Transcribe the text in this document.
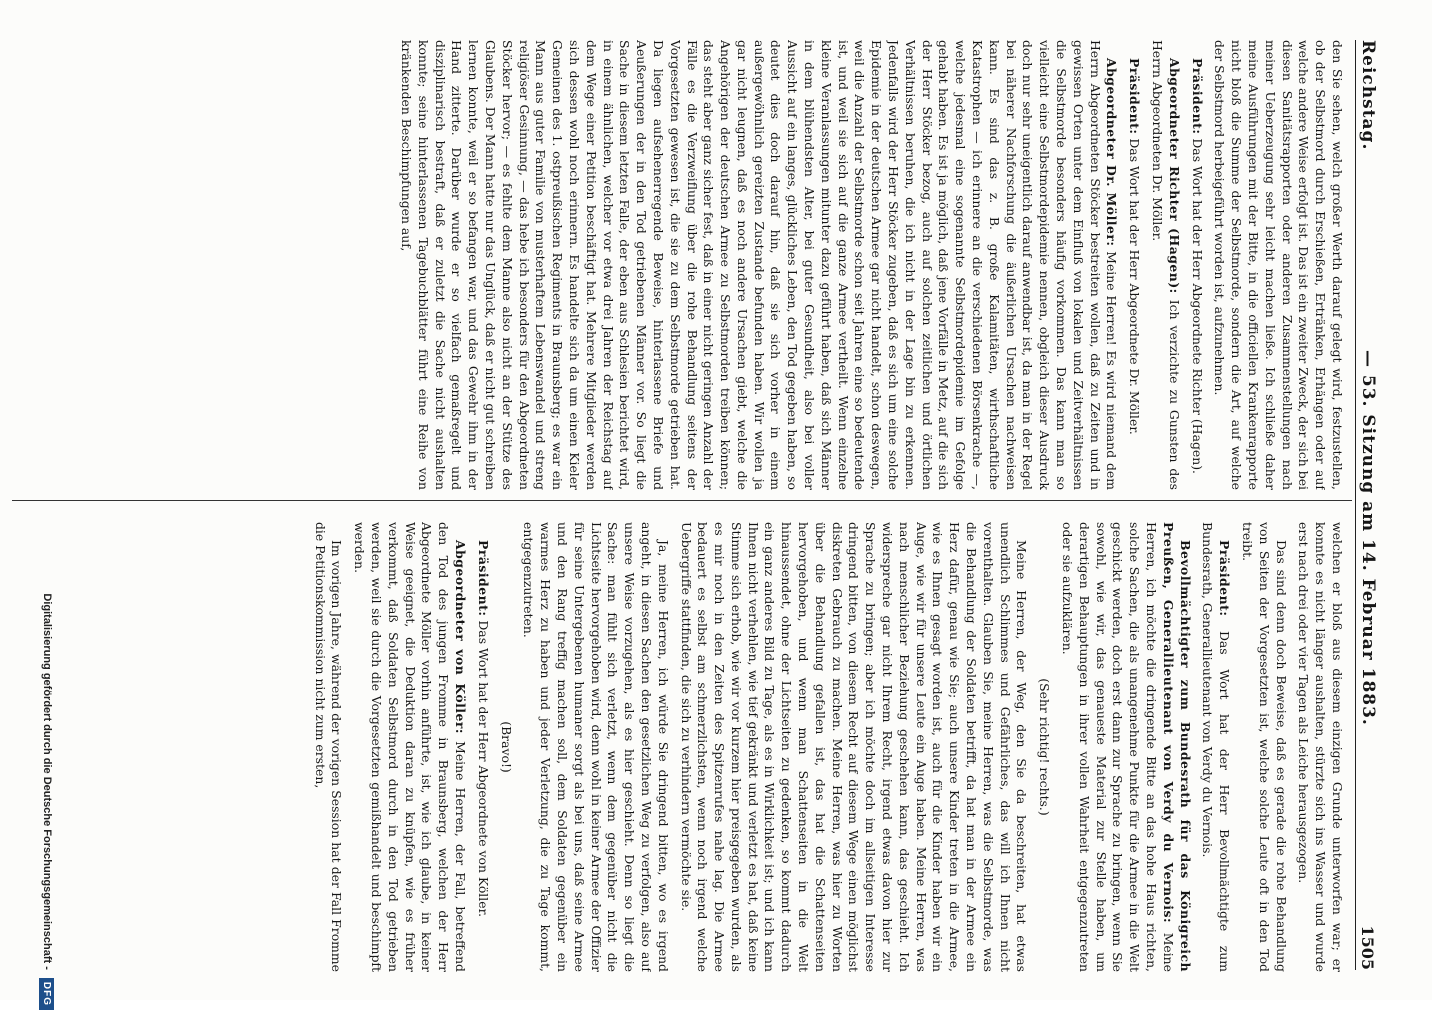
Reichstag.
— 53. Sitzung am 14. Februar 1883.
1505

den Sie sehen, welch großer Werth darauf gelegt wird, festzustellen, ob der Selbstmord durch Erschießen, Ertränken, Erhängen oder auf welche andere Weise erfolgt ist. Das ist ein zweiter Zweck, der sich bei diesen Sanitätsrapporten oder anderen Zusammenstellungen nach meiner Ueberzeugung sehr leicht machen ließe. Ich schließe daher meine Ausführungen mit der Bitte, in die officiellen Krankenrapporte nicht bloß die Summe der Selbstmorde, sondern die Art, auf welche der Selbstmord herbeigeführt worden ist, aufzunehmen.

Präsident: Das Wort hat der Herr Abgeordnete Richter (Hagen).

Abgeordneter Richter (Hagen): Ich verzichte zu Gunsten des Herrn Abgeordneten Dr. Möller.

Präsident: Das Wort hat der Herr Abgeordnete Dr. Möller.

Abgeordneter Dr. Möller: Meine Herren! Es wird niemand dem Herrn Abgeordneten Stöcker bestreiten wollen, daß zu Zeiten und in gewissen Orten unter dem Einfluß von lokalen und Zeitverhältnissen die Selbstmorde besonders häufig vorkommen. Das kann man so vielleicht eine Selbstmordepidemie nennen, obgleich dieser Ausdruck doch nur sehr uneigentlich darauf anwendbar ist, da man in der Regel bei näherer Nachforschung die äußerlichen Ursachen nachweisen kann. Es sind das z. B. große Kalamitäten, wirthschaftliche Katastrophen — ich erinnere an die verschiedenen Börsenkrache —, welche jedesmal eine sogenannte Selbstmordepidemie im Gefolge gehabt haben. Es ist ja möglich, daß jene Vorfälle in Metz, auf die sich der Herr Stöcker bezog, auch auf solchen zeitlichen und örtlichen Verhältnissen beruhen, die ich nicht in der Lage bin zu erkennen. Jedenfalls wird der Herr Stöcker zugeben, daß es sich um eine solche Epidemie in der deutschen Armee gar nicht handelt, schon deswegen, weil die Anzahl der Selbstmorde schon seit Jahren eine so bedeutende ist, und weil sie sich auf die ganze Armee vertheilt. Wenn einzelne kleine Veranlassungen mitunter dazu geführt haben, daß sich Männer in dem blühendsten Alter, bei guter Gesundheit, also bei voller Aussicht auf ein langes, glückliches Leben, den Tod gegeben haben, so deutet dies doch darauf hin, daß sie sich vorher in einem außergewöhnlich gereizten Zustande befunden haben. Wir wollen ja gar nicht leugnen, daß es noch andere Ursachen giebt, welche die Angehörigen der deutschen Armee zu Selbstmorden treiben können; das steht aber ganz sicher fest, daß in einer nicht geringen Anzahl der Fälle es die Verzweiflung über die rohe Behandlung seitens der Vorgesetzten gewesen ist, die sie zu dem Selbstmorde getrieben hat. Da liegen aufsehenerregende Beweise, hinterlassene Briefe und Aeußerungen der in den Tod getriebenen Männer vor. So liegt die Sache in diesem letzten Falle, der eben aus Schlesien berichtet wird, in einem ähnlichen, welcher vor etwa drei Jahren der Reichstag auf dem Wege einer Petition beschäftigt hat. Mehrere Mitglieder werden sich dessen wohl noch erinnern. Es handelte sich da um einen Kieler Gemeinen des 1. ostpreußischen Regiments in Braunsberg; es war ein Mann aus guter Familie von musterhaftem Lebenswandel und streng religiöser Gesinnung, — das hebe ich besonders für den Abgeordneten Stöcker hervor; — es fehlte dem Manne also nicht an der Stütze des Glaubens. Der Mann hatte nur das Unglück, daß er nicht gut schreiben lernen konnte, weil er so befangen war, und das Gewehr ihm in der Hand zitterte. Darüber wurde er so vielfach gemaßregelt und disziplinarisch bestraft, daß er zuletzt die Sache nicht aushalten konnte; seine hinterlassenen Tagebuchblätter führt eine Reihe von kränkenden Beschimpfungen auf,

welchen er bloß aus diesem einzigen Grunde unterworfen war; er konnte es nicht länger aushalten, stürzte sich ins Wasser und wurde erst nach drei oder vier Tagen als Leiche herausgezogen.

Das sind denn doch Beweise, daß es gerade die rohe Behandlung von Seiten der Vorgesetzten ist, welche solche Leute oft in den Tod treibt.

Präsident: Das Wort hat der Herr Bevollmächtigte zum Bundesrath, Generallieutenant von Verdy du Vernois.

Bevollmächtigter zum Bundesrath für das Königreich Preußen, Generallieutenant von Verdy du Vernois: Meine Herren, ich möchte die dringende Bitte an das hohe Haus richten, solche Sachen, die als unangenehme Punkte für die Armee in die Welt geschickt werden, doch erst dann zur Sprache zu bringen, wenn Sie sowohl, wie wir, das genaueste Material zur Stelle haben, um derartigen Behauptungen in ihrer vollen Wahrheit entgegenzutreten oder sie aufzuklären.

(Sehr richtig! rechts.)

Meine Herren, der Weg, den Sie da beschreiten, hat etwas unendlich Schlimmes und Gefährliches, das will ich Ihnen nicht vorenthalten. Glauben Sie, meine Herren, was die Selbstmorde, was die Behandlung der Soldaten betrifft, da hat man in der Armee ein Herz dafür, genau wie Sie; auch unsere Kinder treten in die Armee, wie es Ihnen gesagt worden ist, auch für die Kinder haben wir ein Auge, wie wir für unsere Leute ein Auge haben. Meine Herren, was nach menschlicher Beziehung geschehen kann, das geschieht. Ich widerspreche gar nicht Ihrem Recht, irgend etwas davon hier zur Sprache zu bringen; aber ich möchte doch im allseitigen Interesse dringend bitten, von diesem Recht auf diesem Wege einen möglichst diskreten Gebrauch zu machen. Meine Herren, was hier zu Worten über die Behandlung gefallen ist, das hat die Schattenseiten hervorgehoben, und wenn man Schattenseiten in die Welt hinaussendet, ohne der Lichtseiten zu gedenken, so kommt dadurch ein ganz anderes Bild zu Tage, als es in Wirklichkeit ist; und ich kann Ihnen nicht verhehlen, wie tief gekränkt und verletzt es hat, daß keine Stimme sich erhob, wie wir vor kurzem hier preisgegeben wurden, als es mir noch in den Zeiten des Spitzenrufes nahe lag. Die Armee bedauert es selbst am schmerzlichsten, wenn noch irgend welche Uebergriffe stattfinden, die sich zu verhindern vermöchte sie.

Ja, meine Herren, ich würde Sie dringend bitten, wo es irgend angeht, in diesen Sachen den gesetzlichen Weg zu verfolgen, also auf unsere Weise vorzugehen, als es hier geschieht. Denn so liegt die Sache: man fühlt sich verletzt, wenn dem gegenüber nicht die Lichtseite hervorgehoben wird, denn wohl in keiner Armee der Offizier für seine Untergebenen humaner sorgt als bei uns, daß seine Armee und den Rang treffig machen soll, dem Soldaten gegenüber ein warmes Herz zu haben und jeder Verletzung, die zu Tage kommt, entgegenzutreten.

(Bravo!)

Präsident: Das Wort hat der Herr Abgeordnete von Köller.

Abgeordneter von Köller: Meine Herren, der Fall, betreffend den Tod des jungen Fromme in Braunsberg, welchen der Herr Abgeordnete Möller vorhin anführte, ist, wie ich glaube, in keiner Weise geeignet, die Deduktion daran zu knüpfen, wie es früher verkommt, daß Soldaten Selbstmord durch in den Tod getrieben werden, weil sie durch die Vorgesetzten gemißhandelt und beschimpft werden.

Im vorigen Jahre, während der vorigen Session hat der Fall Fromme die Petitionskommission nicht zum ersten,

Digitalisierung gefördert durch die Deutsche Forschungsgemeinschaft -
DFG
